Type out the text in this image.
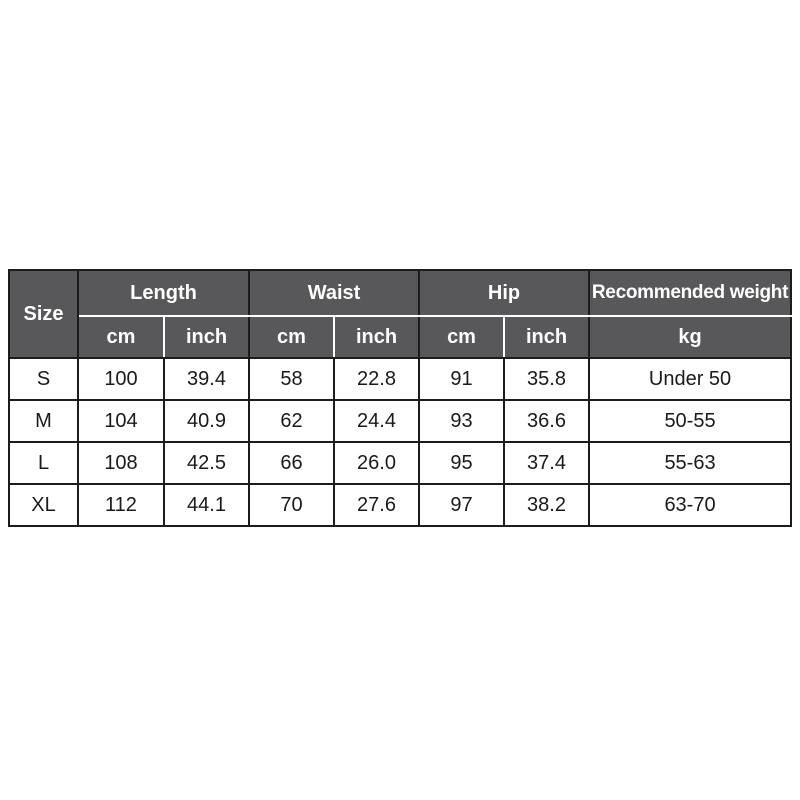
Size	Length		Waist		Hip		Recommended weight
	cm	inch	cm	inch	cm	inch	kg
S	100	39.4	58	22.8	91	35.8	Under 50
M	104	40.9	62	24.4	93	36.6	50-55
L	108	42.5	66	26.0	95	37.4	55-63
XL	112	44.1	70	27.6	97	38.2	63-70
